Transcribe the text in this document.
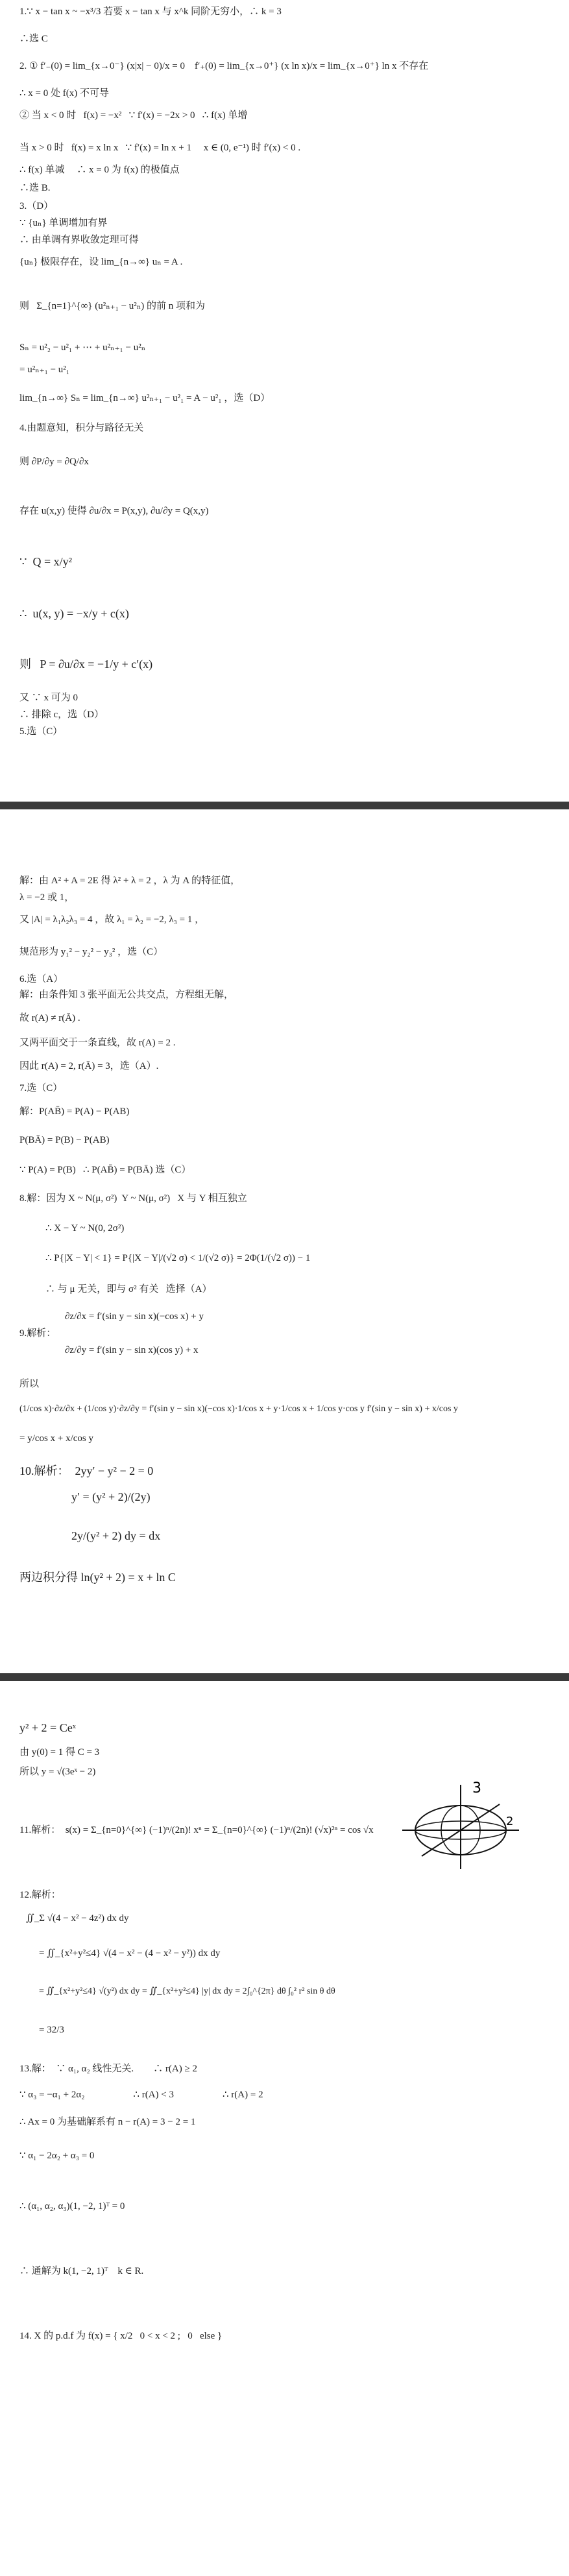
1.∵ x − tan x ~ −x³/3 若要 x − tan x 与 x^k 同阶无穷小，∴ k = 3
∴选 C
2. ① f′₋(0) = lim_{x→0⁻} (x|x| − 0)/x = 0    f′₊(0) = lim_{x→0⁺} (x ln x)/x = lim_{x→0⁺} ln x 不存在
∴ x = 0 处 f(x) 不可导
② 当 x < 0 时   f(x) = −x²   ∵ f′(x) = −2x > 0   ∴ f(x) 单增
当 x > 0 时   f(x) = x ln x   ∵ f′(x) = ln x + 1     x ∈ (0, e⁻¹) 时 f′(x) < 0 .
∴ f(x) 单减     ∴ x = 0 为 f(x) 的极值点
∴选 B.
3.（D）
∵ {uₙ} 单调增加有界
∴ 由单调有界收敛定理可得
{uₙ} 极限存在，设 lim_{n→∞} uₙ = A .
则   Σ_{n=1}^{∞} (u²ₙ₊₁ − u²ₙ) 的前 n 项和为
Sₙ = u²₂ − u²₁ + ⋯ + u²ₙ₊₁ − u²ₙ
= u²ₙ₊₁ − u²₁
lim_{n→∞} Sₙ = lim_{n→∞} u²ₙ₊₁ − u²₁ = A − u²₁ ，选（D）
4.由题意知，积分与路径无关
则 ∂P/∂y = ∂Q/∂x
存在 u(x,y) 使得 ∂u/∂x = P(x,y), ∂u/∂y = Q(x,y)
∵  Q = x/y²
∴  u(x, y) = −x/y + c(x)
则   P = ∂u/∂x = −1/y + c′(x)
又 ∵ x 可为 0
∴ 排除 c，选（D）
5.选（C）
解：由 A² + A = 2E 得 λ² + λ = 2 ，λ 为 A 的特征值，
λ = −2 或 1，
又 |A| = λ₁λ₂λ₃ = 4 ，故 λ₁ = λ₂ = −2, λ₃ = 1 ，
规范形为 y₁² − y₂² − y₃² ，选（C）
6.选（A）
解：由条件知 3 张平面无公共交点，方程组无解，
故 r(A) ≠ r(Ā) .
又两平面交于一条直线，故 r(A) = 2 .
因此 r(A) = 2, r(Ā) = 3，选（A）.
7.选（C）
解：P(AB̄) = P(A) − P(AB)
P(BĀ) = P(B) − P(AB)
∵ P(A) = P(B)   ∴ P(AB̄) = P(BĀ) 选（C）
8.解：因为 X ~ N(μ, σ²)  Y ~ N(μ, σ²)   X 与 Y 相互独立
∴ X − Y ~ N(0, 2σ²)
∴ P{|X − Y| < 1} = P{|X − Y|/(√2 σ) < 1/(√2 σ)} = 2Φ(1/(√2 σ)) − 1
∴ 与 μ 无关，即与 σ² 有关   选择（A）
∂z/∂x = f′(sin y − sin x)(−cos x) + y
9.解析：
∂z/∂y = f′(sin y − sin x)(cos y) + x
所以
(1/cos x)·∂z/∂x + (1/cos y)·∂z/∂y = f′(sin y − sin x)(−cos x)·1/cos x + y·1/cos x + 1/cos y·cos y f′(sin y − sin x) + x/cos y
= y/cos x + x/cos y
10.解析：  2yy′ − y² − 2 = 0
y′ = (y² + 2)/(2y)
2y/(y² + 2) dy = dx
两边积分得 ln(y² + 2) = x + ln C
y² + 2 = Ceˣ
由 y(0) = 1 得 C = 3
所以 y = √(3eˣ − 2)
11.解析：  s(x) = Σ_{n=0}^{∞} (−1)ⁿ/(2n)! xⁿ = Σ_{n=0}^{∞} (−1)ⁿ/(2n)! (√x)²ⁿ = cos √x
3
2
12.解析：
∬_Σ √(4 − x² − 4z²) dx dy
= ∬_{x²+y²≤4} √(4 − x² − (4 − x² − y²)) dx dy
= ∬_{x²+y²≤4} √(y²) dx dy = ∬_{x²+y²≤4} |y| dx dy = 2∫₀^{2π} dθ ∫₀² r² sin θ dθ
= 32/3
13.解：  ∵ α₁, α₂ 线性无关.        ∴ r(A) ≥ 2
∵ α₃ = −α₁ + 2α₂                    ∴ r(A) < 3                    ∴ r(A) = 2
∴ Ax = 0 为基础解系有 n − r(A) = 3 − 2 = 1
∵ α₁ − 2α₂ + α₃ = 0
∴ (α₁, α₂, α₃)(1, −2, 1)ᵀ = 0
∴ 通解为 k(1, −2, 1)ᵀ    k ∈ R.
14. X 的 p.d.f 为 f(x) = { x/2   0 < x < 2 ;   0   else }
